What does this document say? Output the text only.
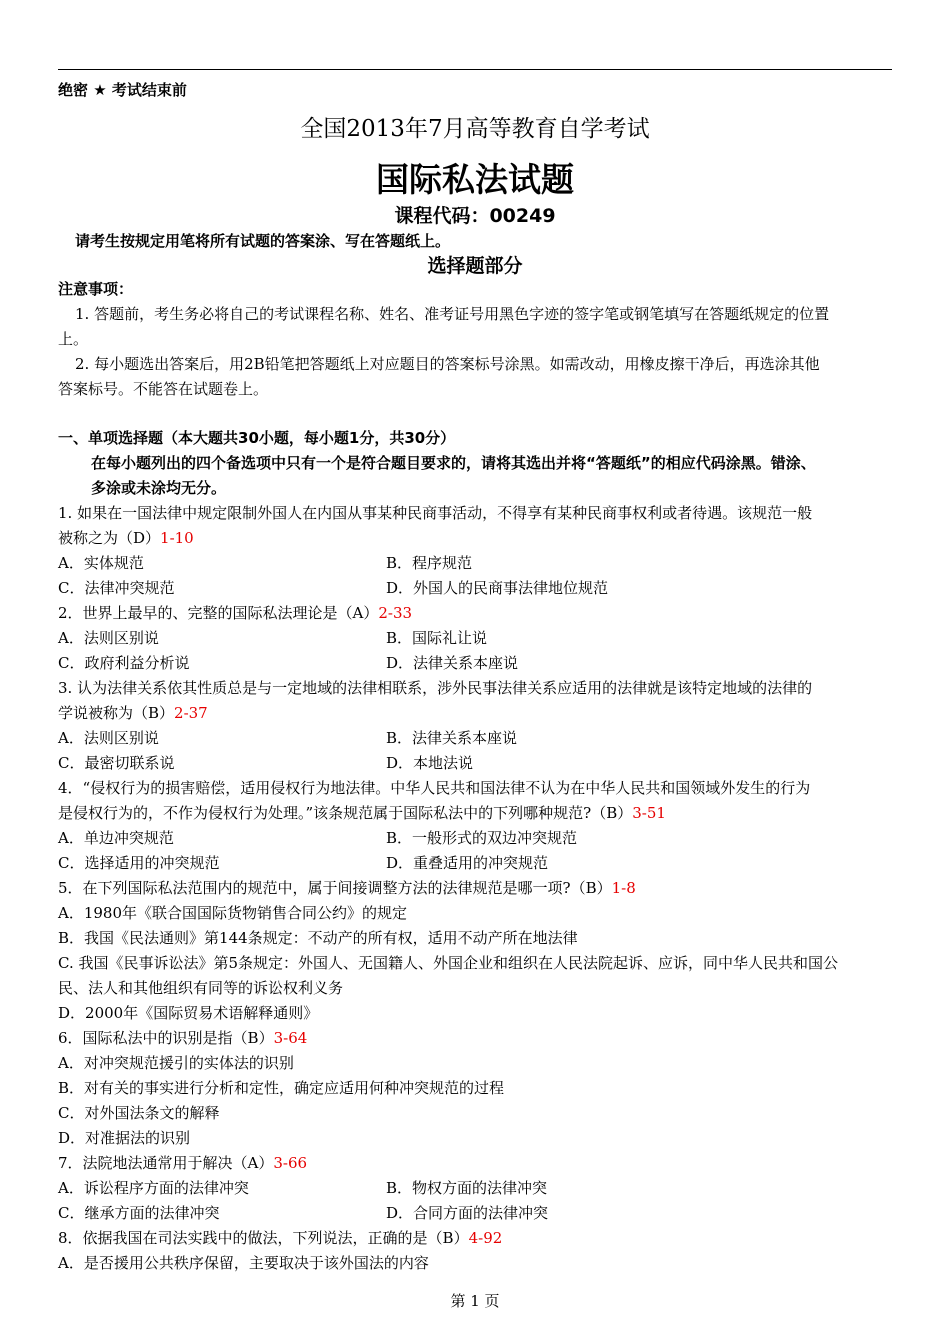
绝密 ★ 考试结束前
全国2013年7月高等教育自学考试
国际私法试题
课程代码：00249
请考生按规定用笔将所有试题的答案涂、写在答题纸上。
选择题部分
注意事项：
1. 答题前，考生务必将自己的考试课程名称、姓名、准考证号用黑色字迹的签字笔或钢笔填写在答题纸规定的位置
上。
2. 每小题选出答案后，用2B铅笔把答题纸上对应题目的答案标号涂黑。如需改动，用橡皮擦干净后，再选涂其他
答案标号。不能答在试题卷上。
一、单项选择题（本大题共30小题，每小题1分，共30分）
在每小题列出的四个备选项中只有一个是符合题目要求的，请将其选出并将“答题纸”的相应代码涂黑。错涂、
多涂或未涂均无分。
1. 如果在一国法律中规定限制外国人在内国从事某种民商事活动，不得享有某种民商事权利或者待遇。该规范一般
被称之为（D）1-10
A．实体规范	B．程序规范
C．法律冲突规范	D．外国人的民商事法律地位规范
2．世界上最早的、完整的国际私法理论是（A）2-33
A．法则区别说	B．国际礼让说
C．政府利益分析说	D．法律关系本座说
3. 认为法律关系依其性质总是与一定地域的法律相联系，涉外民事法律关系应适用的法律就是该特定地域的法律的
学说被称为（B）2-37
A．法则区别说	B．法律关系本座说
C．最密切联系说	D．本地法说
4．“侵权行为的损害赔偿，适用侵权行为地法律。中华人民共和国法律不认为在中华人民共和国领域外发生的行为
是侵权行为的，不作为侵权行为处理。”该条规范属于国际私法中的下列哪种规范?（B）3-51
A．单边冲突规范	B．一般形式的双边冲突规范
C．选择适用的冲突规范	D．重叠适用的冲突规范
5．在下列国际私法范围内的规范中，属于间接调整方法的法律规范是哪一项?（B）1-8
A．1980年《联合国国际货物销售合同公约》的规定
B．我国《民法通则》第144条规定：不动产的所有权，适用不动产所在地法律
C. 我国《民事诉讼法》第5条规定：外国人、无国籍人、外国企业和组织在人民法院起诉、应诉，同中华人民共和国公
民、法人和其他组织有同等的诉讼权利义务
D．2000年《国际贸易术语解释通则》
6．国际私法中的识别是指（B）3-64
A．对冲突规范援引的实体法的识别
B．对有关的事实进行分析和定性，确定应适用何种冲突规范的过程
C．对外国法条文的解释
D．对准据法的识别
7．法院地法通常用于解决（A）3-66
A．诉讼程序方面的法律冲突	B．物权方面的法律冲突
C．继承方面的法律冲突	D．合同方面的法律冲突
8．依据我国在司法实践中的做法，下列说法，正确的是（B）4-92
A．是否援用公共秩序保留，主要取决于该外国法的内容
第 1 页
